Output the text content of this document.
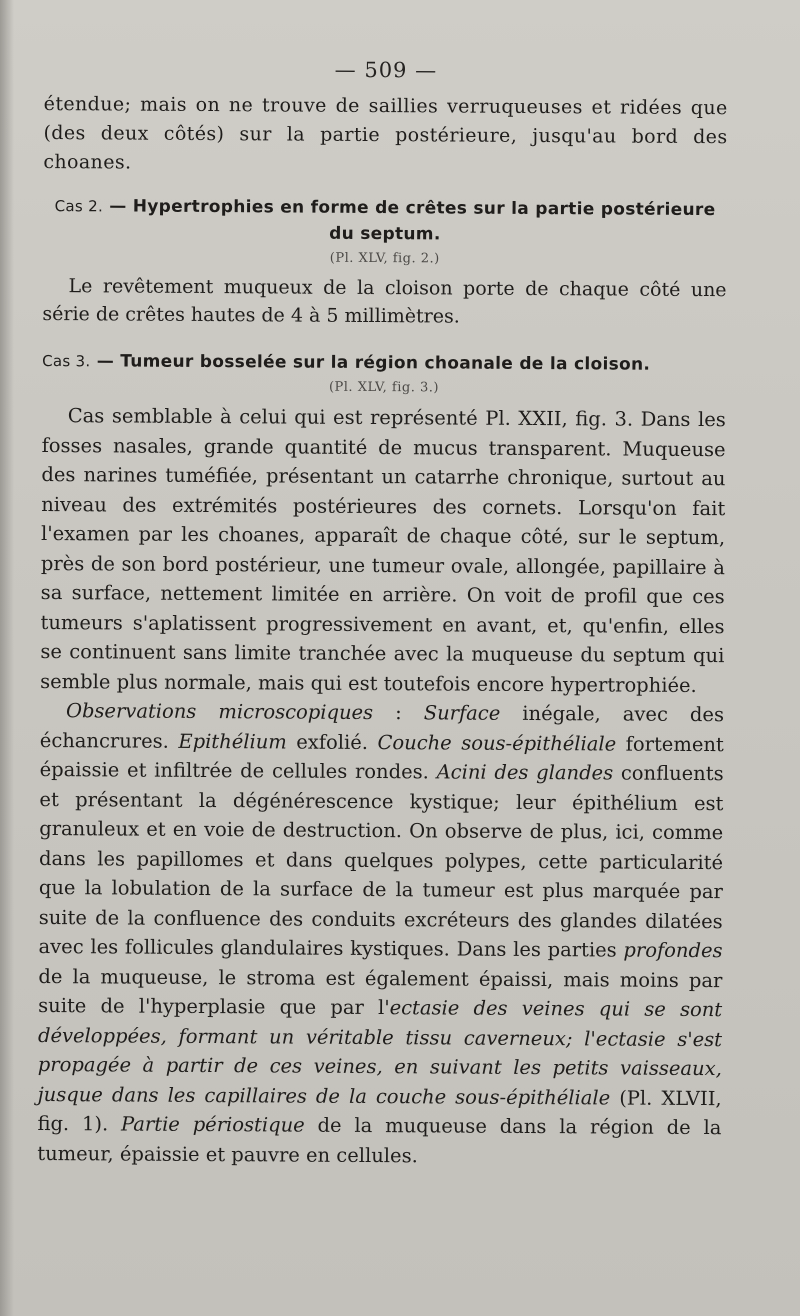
— 509 —

étendue; mais on ne trouve de saillies verruqueuses et ridées que (des deux côtés) sur la partie postérieure, jusqu'au bord des choanes.

Cas 2. — Hypertrophies en forme de crêtes sur la partie postérieure du septum.
(Pl. XLV, fig. 2.)

Le revêtement muqueux de la cloison porte de chaque côté une série de crêtes hautes de 4 à 5 millimètres.

Cas 3. — Tumeur bosselée sur la région choanale de la cloison.
(Pl. XLV, fig. 3.)

Cas semblable à celui qui est représenté Pl. XXII, fig. 3. Dans les fosses nasales, grande quantité de mucus transparent. Muqueuse des narines tuméfiée, présentant un catarrhe chronique, surtout au niveau des extrémités postérieures des cornets. Lorsqu'on fait l'examen par les choanes, apparaît de chaque côté, sur le septum, près de son bord postérieur, une tumeur ovale, allongée, papillaire à sa surface, nettement limitée en arrière. On voit de profil que ces tumeurs s'aplatissent progressivement en avant, et, qu'enfin, elles se continuent sans limite tranchée avec la muqueuse du septum qui semble plus normale, mais qui est toutefois encore hypertrophiée.

Observations microscopiques : Surface inégale, avec des échancrures. Epithélium exfolié. Couche sous-épithéliale fortement épaissie et infiltrée de cellules rondes. Acini des glandes confluents et présentant la dégénérescence kystique; leur épithélium est granuleux et en voie de destruction. On observe de plus, ici, comme dans les papillomes et dans quelques polypes, cette particularité que la lobulation de la surface de la tumeur est plus marquée par suite de la confluence des conduits excréteurs des glandes dilatées avec les follicules glandulaires kystiques. Dans les parties profondes de la muqueuse, le stroma est également épaissi, mais moins par suite de l'hyperplasie que par l'ectasie des veines qui se sont développées, formant un véritable tissu caverneux; l'ectasie s'est propagée à partir de ces veines, en suivant les petits vaisseaux, jusque dans les capillaires de la couche sous-épithéliale (Pl. XLVII, fig. 1). Partie périostique de la muqueuse dans la région de la tumeur, épaissie et pauvre en cellules.
